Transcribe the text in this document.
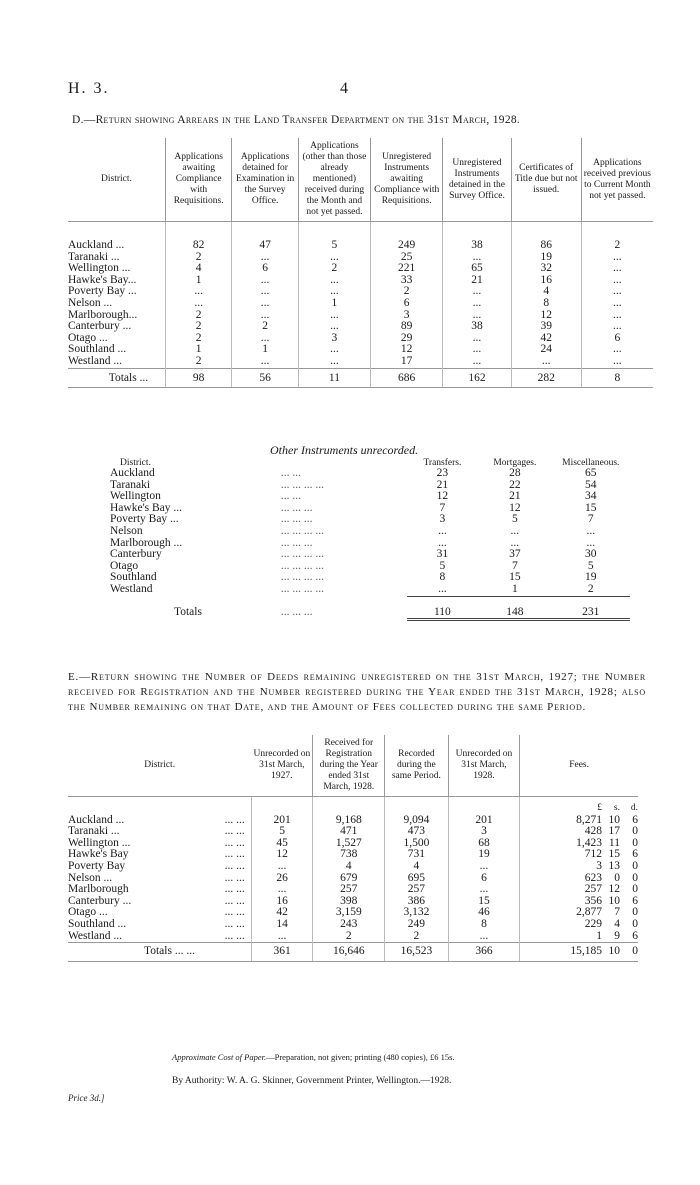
H. 3.	4
D.—Return showing Arrears in the Land Transfer Department on the 31st March, 1928.
District.	Applications awaiting Compliance with Requisitions.	Applications detained for Examination in the Survey Office.	Applications (other than those already mentioned) received during the Month and not yet passed.	Unregistered Instruments awaiting Compliance with Requisitions.	Unregistered Instruments detained in the Survey Office.	Certificates of Title due but not issued.	Applications received previous to Current Month not yet passed.
Auckland ...	82	47	5	249	38	86	2
Taranaki ...	2	...	...	25	...	19	...
Wellington ...	4	6	2	221	65	32	...
Hawke's Bay...	1	...	...	33	21	16	...
Poverty Bay ...	...	...	...	2	...	4	...
Nelson ...	...	...	1	6	...	8	...
Marlborough...	2	...	...	3	...	12	...
Canterbury ...	2	2	...	89	38	39	...
Otago ...	2	...	3	29	...	42	6
Southland ...	1	1	...	12	...	24	...
Westland ...	2	...	...	17	...	...	...
Totals ...	98	56	11	686	162	282	8
Other Instruments unrecorded.
District.		Transfers.	Mortgages.	Miscellaneous.
Auckland	... ...	23	28	65
Taranaki	... ... ... ...	21	22	54
Wellington	... ...	12	21	34
Hawke's Bay ...	... ... ...	7	12	15
Poverty Bay ...	... ... ...	3	5	7
Nelson	... ... ... ...	...	...	...
Marlborough ...	... ... ...	...	...	...
Canterbury	... ... ... ...	31	37	30
Otago	... ... ... ...	5	7	5
Southland	... ... ... ...	8	15	19
Westland	... ... ... ...	...	1	2
Totals	... ... ...	110	148	231
E.—Return showing the Number of Deeds remaining unregistered on the 31st March, 1927; the Number received for Registration and the Number registered during the Year ended the 31st March, 1928; also the Number remaining on that Date, and the Amount of Fees collected during the same Period.
District.	Unrecorded on 31st March, 1927.	Received for Registration during the Year ended 31st March, 1928.	Recorded during the same Period.	Unrecorded on 31st March, 1928.	Fees.
					£ s. d.
Auckland ... ... ...	201	9,168	9,094	201	8,271 10 6
Taranaki ... ... ...	5	471	473	3	428 17 0
Wellington ... ... ...	45	1,527	1,500	68	1,423 11 0
Hawke's Bay ... ...	12	738	731	19	712 15 6
Poverty Bay ... ...	...	4	4	...	3 13 0
Nelson ... ... ...	26	679	695	6	623 0 0
Marlborough ... ...	...	257	257	...	257 12 0
Canterbury ... ... ...	16	398	386	15	356 10 6
Otago ... ... ...	42	3,159	3,132	46	2,877 7 0
Southland ... ... ...	14	243	249	8	229 4 0
Westland ... ... ...	...	2	2	...	1 9 6
Totals ... ...	361	16,646	16,523	366	15,185 10 0
Approximate Cost of Paper.—Preparation, not given; printing (480 copies), £6 15s.
By Authority: W. A. G. Skinner, Government Printer, Wellington.—1928.
Price 3d.]
